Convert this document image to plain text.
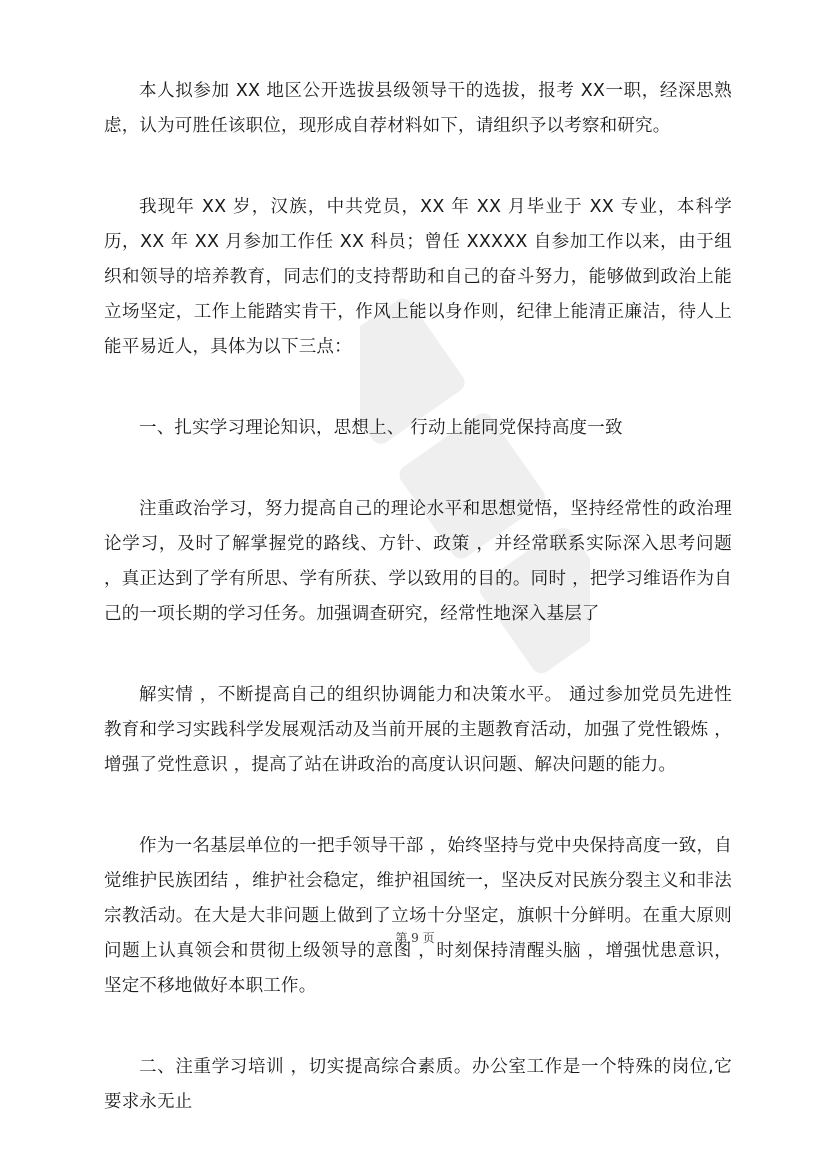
本人拟参加 XX 地区公开选拔县级领导干的选拔，报考 XX一职，经深思熟虑，认为可胜任该职位，现形成自荐材料如下，请组织予以考察和研究。

我现年 XX 岁，汉族，中共党员，XX 年 XX 月毕业于 XX 专业，本科学历，XX 年 XX 月参加工作任 XX 科员；曾任 XXXXX 自参加工作以来，由于组织和领导的培养教育，同志们的支持帮助和自己的奋斗努力，能够做到政治上能立场坚定，工作上能踏实肯干，作风上能以身作则，纪律上能清正廉洁，待人上能平易近人，具体为以下三点：

一、扎实学习理论知识，思想上、 行动上能同党保持高度一致

注重政治学习，努力提高自己的理论水平和思想觉悟，坚持经常性的政治理论学习，及时了解掌握党的路线、方针、政策 ，并经常联系实际深入思考问题 ，真正达到了学有所思、学有所获、学以致用的目的。同时 ，把学习维语作为自己的一项长期的学习任务。加强调查研究，经常性地深入基层了

解实情 ，不断提高自己的组织协调能力和决策水平。 通过参加党员先进性教育和学习实践科学发展观活动及当前开展的主题教育活动，加强了党性锻炼 ，增强了党性意识 ，提高了站在讲政治的高度认识问题、解决问题的能力。

作为一名基层单位的一把手领导干部 ，始终坚持与党中央保持高度一致，自觉维护民族团结 ，维护社会稳定，维护祖国统一，坚决反对民族分裂主义和非法宗教活动。在大是大非问题上做到了立场十分坚定，旗帜十分鲜明。在重大原则问题上认真领会和贯彻上级领导的意图 ，时刻保持清醒头脑 ，增强忧患意识，坚定不移地做好本职工作。

二、注重学习培训 ，切实提高综合素质。办公室工作是一个特殊的岗位,它要求永无止

第 9 页
